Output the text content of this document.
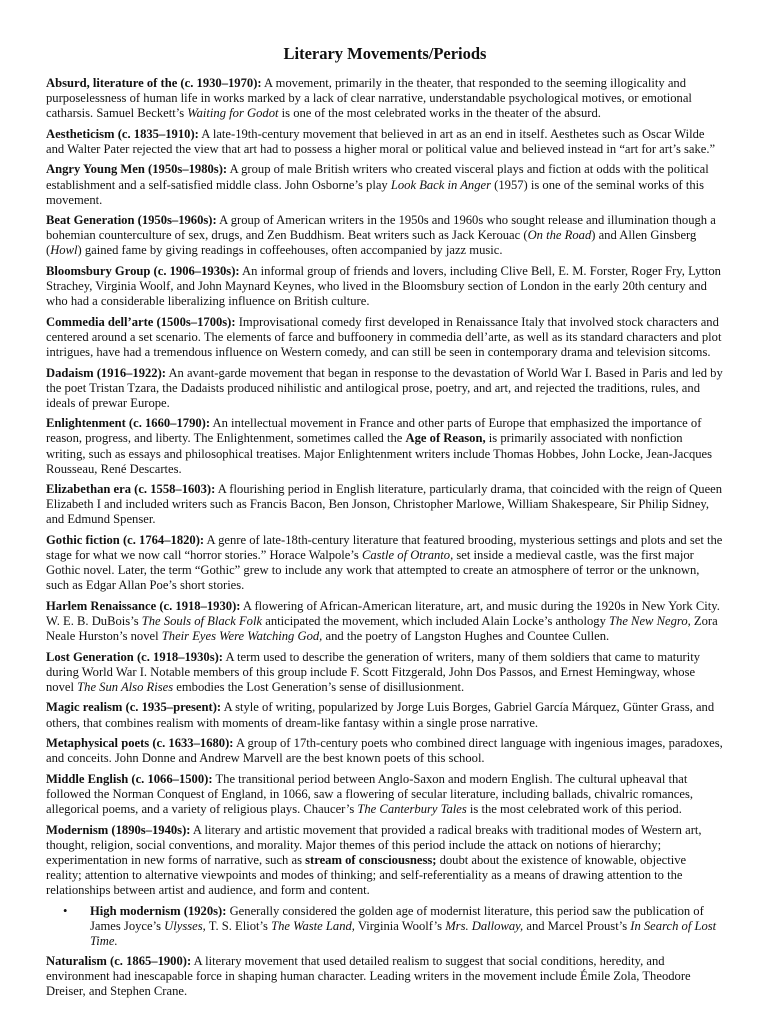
Literary Movements/Periods

Absurd, literature of the (c. 1930–1970): A movement, primarily in the theater, that responded to the seeming illogicality and purposelessness of human life in works marked by a lack of clear narrative, understandable psychological motives, or emotional catharsis. Samuel Beckett’s Waiting for Godot is one of the most celebrated works in the theater of the absurd.

Aestheticism (c. 1835–1910): A late-19th-century movement that believed in art as an end in itself. Aesthetes such as Oscar Wilde and Walter Pater rejected the view that art had to possess a higher moral or political value and believed instead in “art for art’s sake.”

Angry Young Men (1950s–1980s): A group of male British writers who created visceral plays and fiction at odds with the political establishment and a self-satisfied middle class. John Osborne’s play Look Back in Anger (1957) is one of the seminal works of this movement.

Beat Generation (1950s–1960s): A group of American writers in the 1950s and 1960s who sought release and illumination though a bohemian counterculture of sex, drugs, and Zen Buddhism. Beat writers such as Jack Kerouac (On the Road) and Allen Ginsberg (Howl) gained fame by giving readings in coffeehouses, often accompanied by jazz music.

Bloomsbury Group (c. 1906–1930s): An informal group of friends and lovers, including Clive Bell, E. M. Forster, Roger Fry, Lytton Strachey, Virginia Woolf, and John Maynard Keynes, who lived in the Bloomsbury section of London in the early 20th century and who had a considerable liberalizing influence on British culture.

Commedia dell’arte (1500s–1700s): Improvisational comedy first developed in Renaissance Italy that involved stock characters and centered around a set scenario. The elements of farce and buffoonery in commedia dell’arte, as well as its standard characters and plot intrigues, have had a tremendous influence on Western comedy, and can still be seen in contemporary drama and television sitcoms.

Dadaism (1916–1922): An avant-garde movement that began in response to the devastation of World War I. Based in Paris and led by the poet Tristan Tzara, the Dadaists produced nihilistic and antilogical prose, poetry, and art, and rejected the traditions, rules, and ideals of prewar Europe.

Enlightenment (c. 1660–1790): An intellectual movement in France and other parts of Europe that emphasized the importance of reason, progress, and liberty. The Enlightenment, sometimes called the Age of Reason, is primarily associated with nonfiction writing, such as essays and philosophical treatises. Major Enlightenment writers include Thomas Hobbes, John Locke, Jean-Jacques Rousseau, René Descartes.

Elizabethan era (c. 1558–1603): A flourishing period in English literature, particularly drama, that coincided with the reign of Queen Elizabeth I and included writers such as Francis Bacon, Ben Jonson, Christopher Marlowe, William Shakespeare, Sir Philip Sidney, and Edmund Spenser.

Gothic fiction (c. 1764–1820): A genre of late-18th-century literature that featured brooding, mysterious settings and plots and set the stage for what we now call “horror stories.” Horace Walpole’s Castle of Otranto, set inside a medieval castle, was the first major Gothic novel. Later, the term “Gothic” grew to include any work that attempted to create an atmosphere of terror or the unknown, such as Edgar Allan Poe’s short stories.

Harlem Renaissance (c. 1918–1930): A flowering of African-American literature, art, and music during the 1920s in New York City. W. E. B. DuBois’s The Souls of Black Folk anticipated the movement, which included Alain Locke’s anthology The New Negro, Zora Neale Hurston’s novel Their Eyes Were Watching God, and the poetry of Langston Hughes and Countee Cullen.

Lost Generation (c. 1918–1930s): A term used to describe the generation of writers, many of them soldiers that came to maturity during World War I. Notable members of this group include F. Scott Fitzgerald, John Dos Passos, and Ernest Hemingway, whose novel The Sun Also Rises embodies the Lost Generation’s sense of disillusionment.

Magic realism (c. 1935–present): A style of writing, popularized by Jorge Luis Borges, Gabriel García Márquez, Günter Grass, and others, that combines realism with moments of dream-like fantasy within a single prose narrative.

Metaphysical poets (c. 1633–1680): A group of 17th-century poets who combined direct language with ingenious images, paradoxes, and conceits. John Donne and Andrew Marvell are the best known poets of this school.

Middle English (c. 1066–1500): The transitional period between Anglo-Saxon and modern English. The cultural upheaval that followed the Norman Conquest of England, in 1066, saw a flowering of secular literature, including ballads, chivalric romances, allegorical poems, and a variety of religious plays. Chaucer’s The Canterbury Tales is the most celebrated work of this period.

Modernism (1890s–1940s): A literary and artistic movement that provided a radical breaks with traditional modes of Western art, thought, religion, social conventions, and morality. Major themes of this period include the attack on notions of hierarchy; experimentation in new forms of narrative, such as stream of consciousness; doubt about the existence of knowable, objective reality; attention to alternative viewpoints and modes of thinking; and self-referentiality as a means of drawing attention to the relationships between artist and audience, and form and content.

• High modernism (1920s): Generally considered the golden age of modernist literature, this period saw the publication of James Joyce’s Ulysses, T. S. Eliot’s The Waste Land, Virginia Woolf’s Mrs. Dalloway, and Marcel Proust’s In Search of Lost Time.

Naturalism (c. 1865–1900): A literary movement that used detailed realism to suggest that social conditions, heredity, and environment had inescapable force in shaping human character. Leading writers in the movement include Émile Zola, Theodore Dreiser, and Stephen Crane.
